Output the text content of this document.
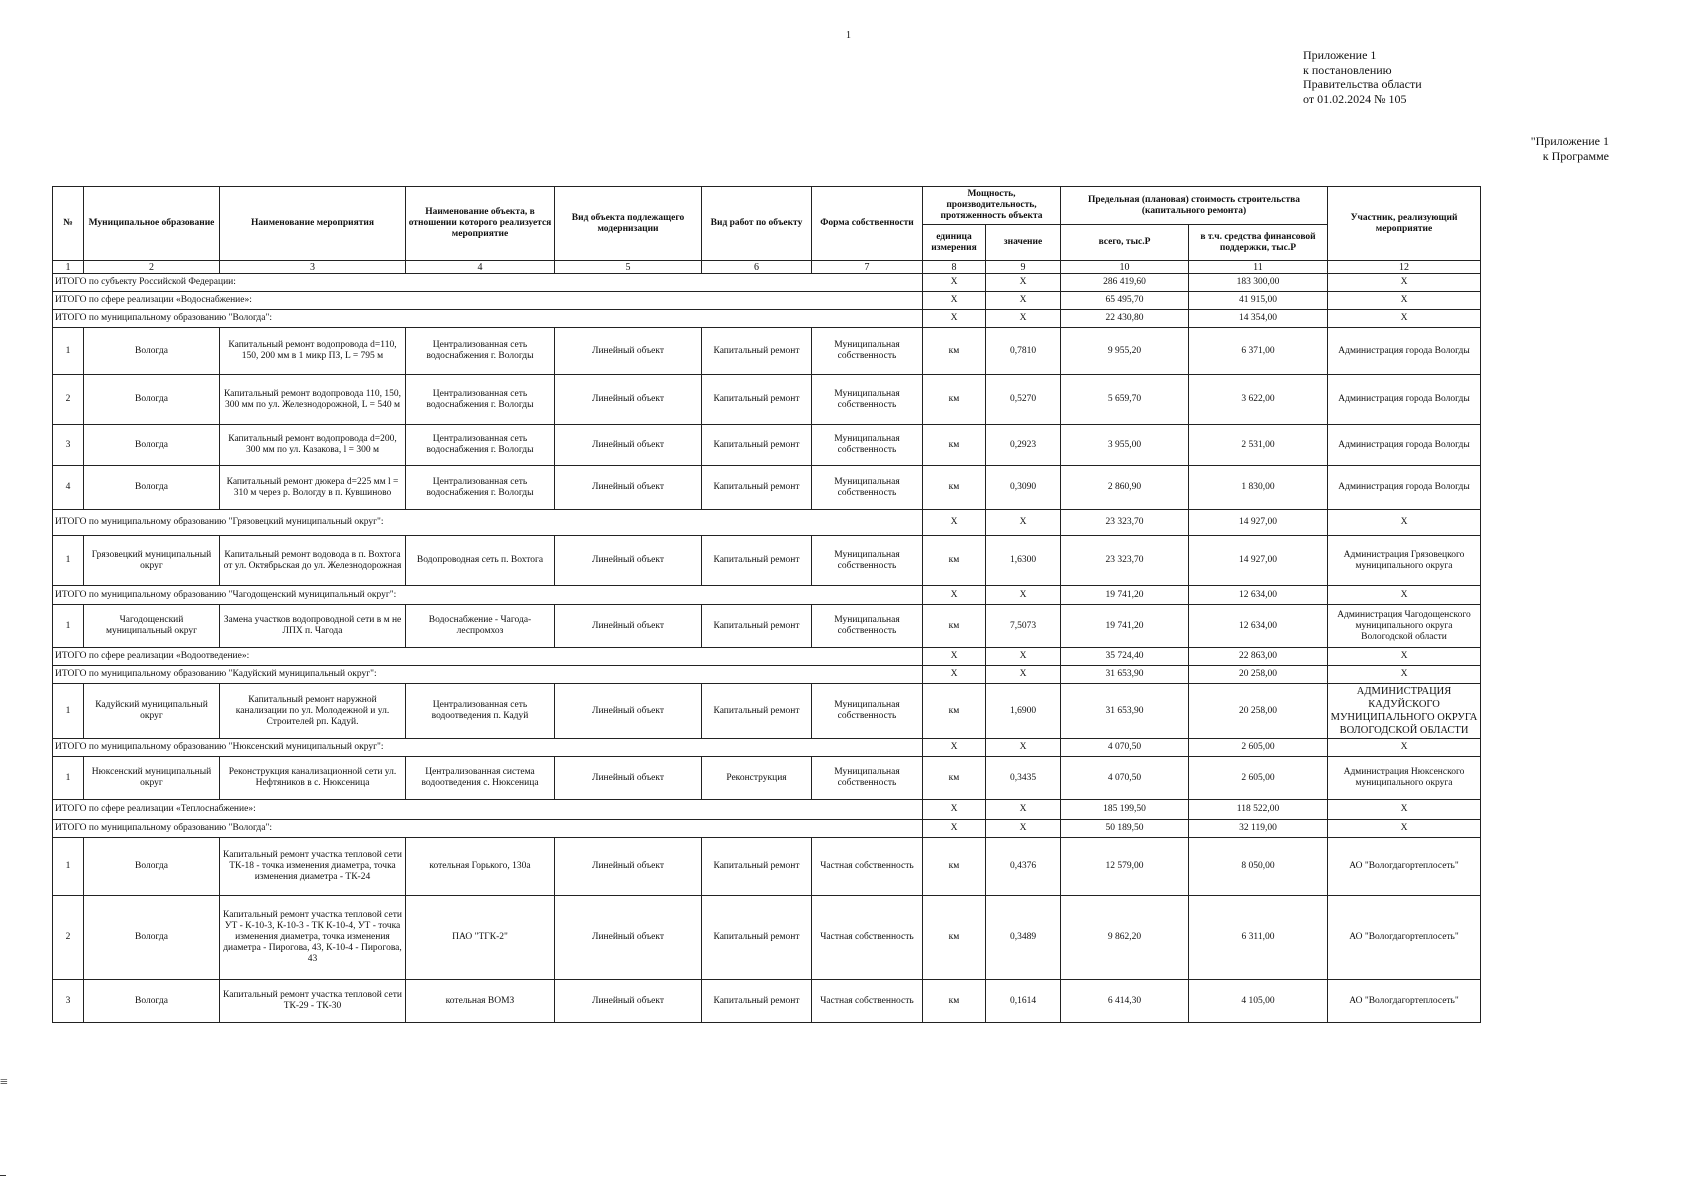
1
Приложение 1
к постановлению
Правительства области
от 01.02.2024 № 105
"Приложение 1
к Программе
№	Муниципальное образование	Наименование мероприятия	Наименование объекта, в отношении которого реализуется мероприятие	Вид объекта подлежащего модернизации	Вид работ по объекту	Форма собственности	Мощность, производительность, протяженность объекта		Предельная (плановая) стоимость строительства (капитального ремонта)		Участник, реализующий мероприятие
							единица измерения	значение	всего, тыс.Р	в т.ч. средства финансовой поддержки, тыс.Р	
1	2	3	4	5	6	7	8	9	10	11	12
ИТОГО по субъекту Российской Федерации:							X	X	286 419,60	183 300,00	X
ИТОГО по сфере реализации «Водоснабжение»:							X	X	65 495,70	41 915,00	X
ИТОГО по муниципальному образованию "Вологда":							X	X	22 430,80	14 354,00	X
1	Вологда	Капитальный ремонт водопровода d=110, 150, 200 мм в 1 микр ПЗ, L = 795 м	Централизованная сеть водоснабжения г. Вологды	Линейный объект	Капитальный ремонт	Муниципальная собственность	км	0,7810	9 955,20	6 371,00	Администрация города Вологды
2	Вологда	Капитальный ремонт водопровода 110, 150, 300 мм по ул. Железнодорожной, L = 540 м	Централизованная сеть водоснабжения г. Вологды	Линейный объект	Капитальный ремонт	Муниципальная собственность	км	0,5270	5 659,70	3 622,00	Администрация города Вологды
3	Вологда	Капитальный ремонт водопровода d=200, 300 мм по ул. Казакова, l = 300 м	Централизованная сеть водоснабжения г. Вологды	Линейный объект	Капитальный ремонт	Муниципальная собственность	км	0,2923	3 955,00	2 531,00	Администрация города Вологды
4	Вологда	Капитальный ремонт дюкера d=225 мм l = 310 м через р. Вологду в п. Кувшиново	Централизованная сеть водоснабжения г. Вологды	Линейный объект	Капитальный ремонт	Муниципальная собственность	км	0,3090	2 860,90	1 830,00	Администрация города Вологды
ИТОГО по муниципальному образованию "Грязовецкий муниципальный округ":							X	X	23 323,70	14 927,00	X
1	Грязовецкий муниципальный округ	Капитальный ремонт водовода в п. Вохтога от ул. Октябрьская до ул. Железнодорожная	Водопроводная сеть п. Вохтога	Линейный объект	Капитальный ремонт	Муниципальная собственность	км	1,6300	23 323,70	14 927,00	Администрация Грязовецкого муниципального округа
ИТОГО по муниципальному образованию "Чагодощенский муниципальный округ":							X	X	19 741,20	12 634,00	X
1	Чагодощенский муниципальный округ	Замена участков водопроводной сети в м не ЛПХ п. Чагода	Водоснабжение - Чагода-леспромхоз	Линейный объект	Капитальный ремонт	Муниципальная собственность	км	7,5073	19 741,20	12 634,00	Администрация Чагодощенского муниципального округа Вологодской области
ИТОГО по сфере реализации «Водоотведение»:							X	X	35 724,40	22 863,00	X
ИТОГО по муниципальному образованию "Кадуйский муниципальный округ":							X	X	31 653,90	20 258,00	X
1	Кадуйский муниципальный округ	Капитальный ремонт наружной канализации по ул. Молодежной и ул. Строителей рп. Кадуй.	Централизованная сеть водоотведения п. Кадуй	Линейный объект	Капитальный ремонт	Муниципальная собственность	км	1,6900	31 653,90	20 258,00	АДМИНИСТРАЦИЯ КАДУЙСКОГО МУНИЦИПАЛЬНОГО ОКРУГА ВОЛОГОДСКОЙ ОБЛАСТИ
ИТОГО по муниципальному образованию "Нюксенский муниципальный округ":							X	X	4 070,50	2 605,00	X
1	Нюксенский муниципальный округ	Реконструкция канализационной сети ул. Нефтяников в с. Нюксеница	Централизованная система водоотведения с. Нюксеница	Линейный объект	Реконструкция	Муниципальная собственность	км	0,3435	4 070,50	2 605,00	Администрация Нюксенского муниципального округа
ИТОГО по сфере реализации «Теплоснабжение»:							X	X	185 199,50	118 522,00	X
ИТОГО по муниципальному образованию "Вологда":							X	X	50 189,50	32 119,00	X
1	Вологда	Капитальный ремонт участка тепловой сети ТК-18 - точка изменения диаметра, точка изменения диаметра - ТК-24	котельная Горького, 130а	Линейный объект	Капитальный ремонт	Частная собственность	км	0,4376	12 579,00	8 050,00	АО "Вологдагортеплосеть"
2	Вологда	Капитальный ремонт участка тепловой сети УТ - К-10-3, К-10-3 - ТК К-10-4, УТ - точка изменения диаметра, точка изменения диаметра - Пирогова, 43, К-10-4 - Пирогова, 43	ПАО "ТГК-2"	Линейный объект	Капитальный ремонт	Частная собственность	км	0,3489	9 862,20	6 311,00	АО "Вологдагортеплосеть"
3	Вологда	Капитальный ремонт участка тепловой сети ТК-29 - ТК-30	котельная ВОМЗ	Линейный объект	Капитальный ремонт	Частная собственность	км	0,1614	6 414,30	4 105,00	АО "Вологдагортеплосеть"
≡
